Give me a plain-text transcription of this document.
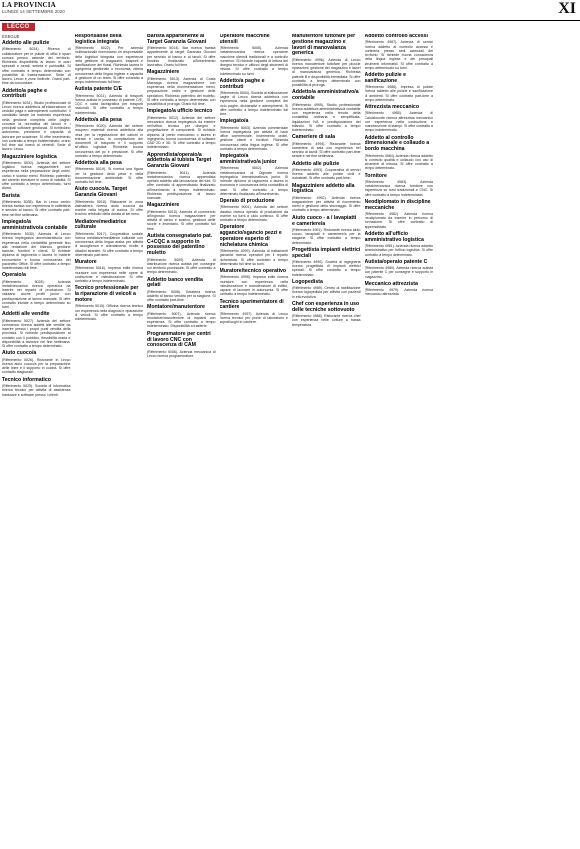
LA PROVINCIA
LUNEDÌ 14 SETTEMBRE 2020	XI
LECCO
ESEGUE
Addetto alle pulizie

(Riferimento 5034). Ricerca di collaboratore per le pulizie di uffici e spazi comuni presso aziende del territorio. Richiesta disponibilità al lavoro in orari spezzati e serali, serietà e puntualità. Si offre contratto a tempo determinato con possibilità di trasformazione. Sede di lavoro: Lecco e zone limitrofe. Orario part-time da concordare.

Addetto/a paghe e contributi

(Riferimento 5031). Studio professionale di Lecco ricerca addetto/a all'elaborazione di cedolini paga e adempimenti contributivi. Il candidato ideale ha maturato esperienza nella gestione completa delle paghe, conosce la normativa del lavoro e i principali software gestionali. Si richiedono autonomia, precisione e capacità di lavorare per scadenze. Si offre inserimento con contratto a tempo indeterminato, orario full time dal lunedì al venerdì. Sede di lavoro: Lecco.

Magazziniere logistica

(Riferimento 5032). Azienda del settore logistico ricerca magazziniere con esperienza nella preparazione degli ordini, carico e scarico merci. Richiesto patentino del carrello elevatore in corso di validità. Si offre contratto a tempo determinato, turni diurni.

Barista

(Riferimento 5035). Bar in Lecco centro ricerca barista con esperienza in caffetteria e servizio al banco. Si offre contratto part-time nel fine settimana.

Impiegato/a amministrativo/a contabile

(Riferimento 5030). Azienda di Lecco ricerca impiegato/a amministrativo/a con esperienza nella contabilità generale fino alla redazione del bilancio, gestione banche, fornitori e clienti. Si richiede diploma di ragioneria o laurea in materie economiche e buona conoscenza del pacchetto Office. Si offre contratto a tempo indeterminato full time.

Operaio/a

(Riferimento 5028). Azienda metalmeccanica ricerca operaio/a da inserire nel reparto di produzione. Si valutano anche profili junior con predisposizione al lavoro manuale. Si offre contratto iniziale a tempo determinato su turni.

Addetti alle vendite

(Riferimento 5027). Azienda del settore commercio ricerca addetti alle vendite da inserire presso i propri punti vendita della provincia. Si richiede predisposizione al contatto con il pubblico, flessibilità oraria e disponibilità a lavorare nei fine settimana. Si offre contratto a tempo determinato.

Aiuto cuoco/a

(Riferimento 5026). Ristorante in Lecco ricerca aiuto cuoco/a per la preparazione delle linee e il supporto in cucina. Si offre contratto stagionale.

Tecnico informatico

(Riferimento 5025). Società di informatica ricerca tecnico per attività di assistenza hardware e software presso i clienti.

Responsabile della logistica integrata

(Riferimento 5022). Per azienda multinazionale ricerchiamo un responsabile della logistica integrata con esperienza nella gestione di magazzini, trasporti e pianificazione dei flussi. Richiesta laurea in ingegneria gestionale o economia, ottima conoscenza della lingua inglese e capacità di gestione di un team. Si offre contratto a tempo indeterminato full time.

Autista patente C/E

(Riferimento 5021). Azienda di trasporti ricerca autista in possesso di patente C/E, CQC e carta tachigrafica per trasporti nazionali. Si offre contratto a tempo indeterminato.

Addetto/a alla pesa

(Riferimento 5020). Azienda del settore recupero materiali ricerca addetto/a alla pesa per la registrazione dei carichi in entrata e uscita, la compilazione dei documenti di trasporto e il supporto all'ufficio logistica. Richiesta buona conoscenza del pc e precisione. Si offre contratto a tempo determinato.

Addetto/a alla pesa

(Riferimento 5019). Si ricerca una figura per la gestione della pesa e della documentazione ambientale. Si offre contratto full time.

Aiuto cuoco/a. Target Garanzia Giovani

(Riferimento 5018). Ristorante in zona Valmadrera ricerca aiuto cuoco/a da inserire nella brigata di cucina. Si offre tirocinio retribuito della durata di sei mesi.

Mediatore/mediatrice culturale

(Riferimento 5017). Cooperativa sociale ricerca mediatore/mediatrice culturale con conoscenza della lingua araba per attività di accoglienza e orientamento rivolte a cittadini stranieri. Si offre contratto a tempo determinato part-time.

Muratore

(Riferimento 5016). Impresa edile ricerca muratore con esperienza nelle opere di costruzione e ristrutturazione. Si offre contratto a tempo indeterminato.

Tecnico professionale per la riparazione di veicoli a motore

(Riferimento 5015). Officina ricerca tecnico con esperienza nella diagnosi e riparazione di veicoli. Si offre contratto a tempo indeterminato.

Barista appartenente al Target Garanzia Giovani

(Riferimento 5014). Bar ricerca barista appartenente al target Garanzia Giovani per servizio al banco e ai tavoli. Si offre tirocinio finalizzato all'inserimento lavorativo. Orario full time.

Magazziniere

(Riferimento 5013). Azienda di Costa Masnaga ricerca magazziniere con esperienza nella movimentazione merci, preparazione ordini e gestione delle spedizioni. Richiesto patentino del muletto. Si offre contratto a tempo determinato con possibilità di proroga. Orario full time.

Impiegato/a ufficio tecnico

(Riferimento 5012). Azienda del settore meccanico ricerca impiegato/a da inserire nell'ufficio tecnico per disegno e progettazione di componenti. Si richiede diploma di perito meccanico o laurea in ingegneria, buona conoscenza di software CAD 2D e 3D. Si offre contratto a tempo indeterminato.

Apprendista/operaio/a addetto/a al tubista Target Garanzia Giovani

(Riferimento 5011). Azienda metalmeccanica ricerca apprendista operaio addetto alla lavorazione dei tubi. Si offre contratto di apprendistato finalizzato all'inserimento a tempo indeterminato. Richiesta predisposizione al lavoro manuale.

Magazziniere

(Riferimento 5010). Azienda di commercio all'ingrosso ricerca magazziniere per attività di carico e scarico, gestione delle scorte e inventario. Si offre contratto full time.

Autista consegnatario pat. C+CQC a supporto in possesso del patentino muletto

(Riferimento 5009). Azienda di distribuzione ricerca autista per consegne sul territorio provinciale. Si offre contratto a tempo determinato.

Addetto banco vendita gelati

(Riferimento 5008). Gelateria ricerca addetto al banco vendita per la stagione. Si offre contratto part-time.

Montatore/manutentore

(Riferimento 5007). Azienda ricerca montatore/manutentore di impianti con esperienza. Si offre contratto a tempo indeterminato. Disponibilità a trasferte.

Programmatore per centri di lavoro CNC con conoscenza di CAM

(Riferimento 5006). Azienda meccanica di Lecco ricerca programmatore.

Operatore macchine utensili

(Riferimento 5005). Azienda metalmeccanica ricerca operatore macchine utensili tradizionali e a controllo numerico. Si richiede capacità di lettura del disegno tecnico e utilizzo degli strumenti di misura. Si offre contratto a tempo indeterminato su turni.

Addetto/a paghe e contributi

(Riferimento 5004). Società di elaborazione paghe di Lecco ricerca addetto/a con esperienza nella gestione completa del ciclo paghe, dichiarativi e adempimenti. Si offre contratto a tempo indeterminato full time.

Impiegato/a

(Riferimento 5003). Azienda commerciale ricerca impiegato/a per attività di back office commerciale, inserimento ordini, gestione clienti e fornitori. Richiesta conoscenza della lingua inglese. Si offre contratto a tempo determinato.

Impiegato/a amministrativo/a junior

(Riferimento 5002). Azienda metalmeccanica di Olginate ricerca impiegato/a amministrativo/a junior. Si richiede diploma di ragioneria o laurea in economia e conoscenza della contabilità di base. Si offre contratto a tempo determinato finalizzato all'inserimento.

Operaio di produzione

(Riferimento 5001). Azienda del settore plastico ricerca operaio di produzione da inserire su turni a ciclo continuo. Si offre contratto a tempo determinato.

Operatore aggancio/sgancio pezzi e operatore esperto di nichelatura chimica

(Riferimento 4999). Azienda di trattamenti galvanici ricerca operatori per il reparto nichelatura. Si offre contratto a tempo determinato full time su turni.

Muratore/tecnico operativo

(Riferimento 4998). Impresa edile ricerca muratore con esperienza nella ristrutturazione e manutenzione di edifici, capace di lavorare in autonomia. Si offre contratto a tempo indeterminato.

Tecnico sperimentatore di cantiere

(Riferimento 4997). Azienda di Lecco ricerca tecnico per prove di laboratorio e sopralluoghi in cantiere.

Manutentore tuttofare per gestione magazzino e lavori di manovalanza generica

(Riferimento 4996). Azienda di Lecco ricerca manutentore tuttofare per piccole riparazioni, gestione del magazzino e lavori di manovalanza generica. Richiesta patente B e disponibilità immediata. Si offre contratto a tempo determinato con possibilità di proroga.

Addetto/a amministrativo/a contabile

(Riferimento 4995). Studio professionale ricerca addetto/a amministrativo/a contabile con esperienza nella tenuta della contabilità ordinaria e semplificata, liquidazioni IVA e predisposizione del bilancio. Si offre contratto a tempo indeterminato.

Cameriere di sala

(Riferimento 4994). Ristorante ricerca cameriere di sala con esperienza nel servizio ai tavoli. Si offre contratto part-time serale e nei fine settimana.

Addetto alle pulizie

(Riferimento 4993). Cooperativa di servizi ricerca addetto alle pulizie civili e industriali. Si offre contratto part-time.

Magazziniere addetto alla logistica

(Riferimento 4992). Azienda ricerca magazziniere per attività di ricevimento merci e gestione dello stoccaggio. Si offre contratto a tempo determinato.

Aiuto cuoco - a / lavapiatti e cameriere/a

(Riferimento 4991). Ristorante ricerca aiuto cuoco, lavapiatti e cameriere/a per la stagione. Si offre contratto a tempo determinato.

Progettista impianti elettrici speciali

(Riferimento 4990). Società di ingegneria ricerca progettista di impianti elettrici speciali. Si offre contratto a tempo indeterminato.

Logopedista

(Riferimento 4989). Centro di riabilitazione ricerca logopedista per attività con pazienti in età evolutiva.

Chef con esperienza in uso delle tecniche sottovuoto

(Riferimento 4988). Ristorante ricerca chef con esperienza nelle cotture a bassa temperatura.

Addetto controllo accessi

(Riferimento 4987). Azienda di servizi ricerca addetto al controllo accessi e portineria presso sedi aziendali del territorio. Si richiede buona conoscenza della lingua inglese e dei principali strumenti informatici. Si offre contratto a tempo determinato su turni.

Addetto pulizie e sanificazione

(Riferimento 4986). Impresa di pulizie ricerca addetto alle pulizie e sanificazione di ambienti. Si offre contratto part-time a tempo determinato.

Attrezzista meccanico

(Riferimento 4985). Azienda di Calolziocorte ricerca attrezzista meccanico con esperienza nella costruzione e manutenzione di stampi. Si offre contratto a tempo indeterminato.

Addetto al controllo dimensionale e collaudo a bordo macchina

(Riferimento 4984). Azienda ricerca addetto al controllo qualità e collaudo con uso di strumenti di misura. Si offre contratto a tempo determinato.

Tornitore

(Riferimento 4983). Azienda metalmeccanica ricerca tornitore con esperienza su torni tradizionali e CNC. Si offre contratto a tempo indeterminato.

Neodiplomato in discipline meccaniche

(Riferimento 4982). Azienda ricerca neodiplomato da inserire in percorso di formazione. Si offre contratto di apprendistato.

Addetto all'ufficio amministrativo logistica

(Riferimento 4981). Azienda ricerca addetto amministrativo per l'ufficio logistica. Si offre contratto a tempo determinato.

Autista/operaio patente C

(Riferimento 4980). Azienda ricerca autista con patente C per consegne e supporto in magazzino.

Meccanico attrezzista

(Riferimento 4979). Azienda ricerca meccanico attrezzista.
